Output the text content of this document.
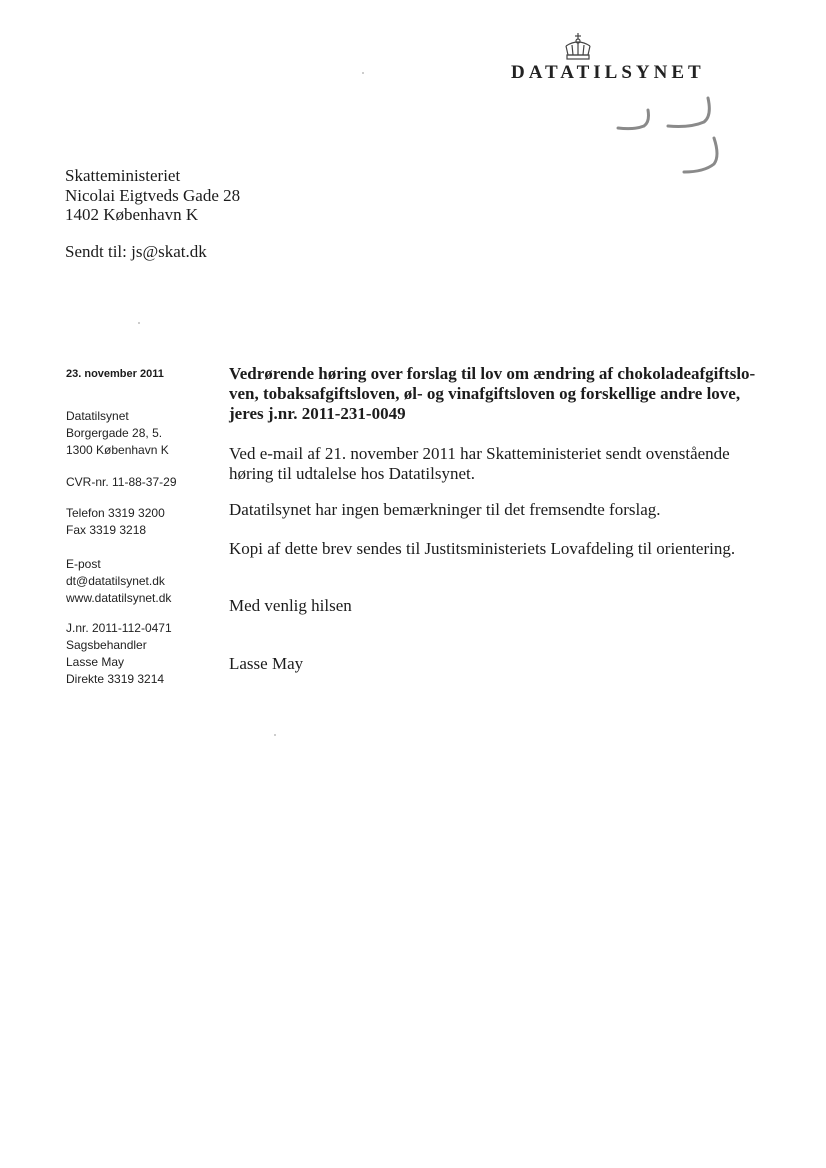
DATATILSYNET
Skatteministeriet
Nicolai Eigtveds Gade 28
1402 København K
Sendt til: js@skat.dk
23. november 2011
Datatilsynet
Borgergade 28, 5.
1300 København K
CVR-nr. 11-88-37-29
Telefon 3319 3200
Fax 3319 3218
E-post
dt@datatilsynet.dk
www.datatilsynet.dk
J.nr. 2011-112-0471
Sagsbehandler
Lasse May
Direkte 3319 3214
Vedrørende høring over forslag til lov om ændring af chokoladeafgiftslo-ven, tobaksafgiftsloven, øl- og vinafgiftsloven og forskellige andre love, jeres j.nr. 2011-231-0049
Ved e-mail af 21. november 2011 har Skatteministeriet sendt ovenstående høring til udtalelse hos Datatilsynet.
Datatilsynet har ingen bemærkninger til det fremsendte forslag.
Kopi af dette brev sendes til Justitsministeriets Lovafdeling til orientering.
Med venlig hilsen
Lasse May
